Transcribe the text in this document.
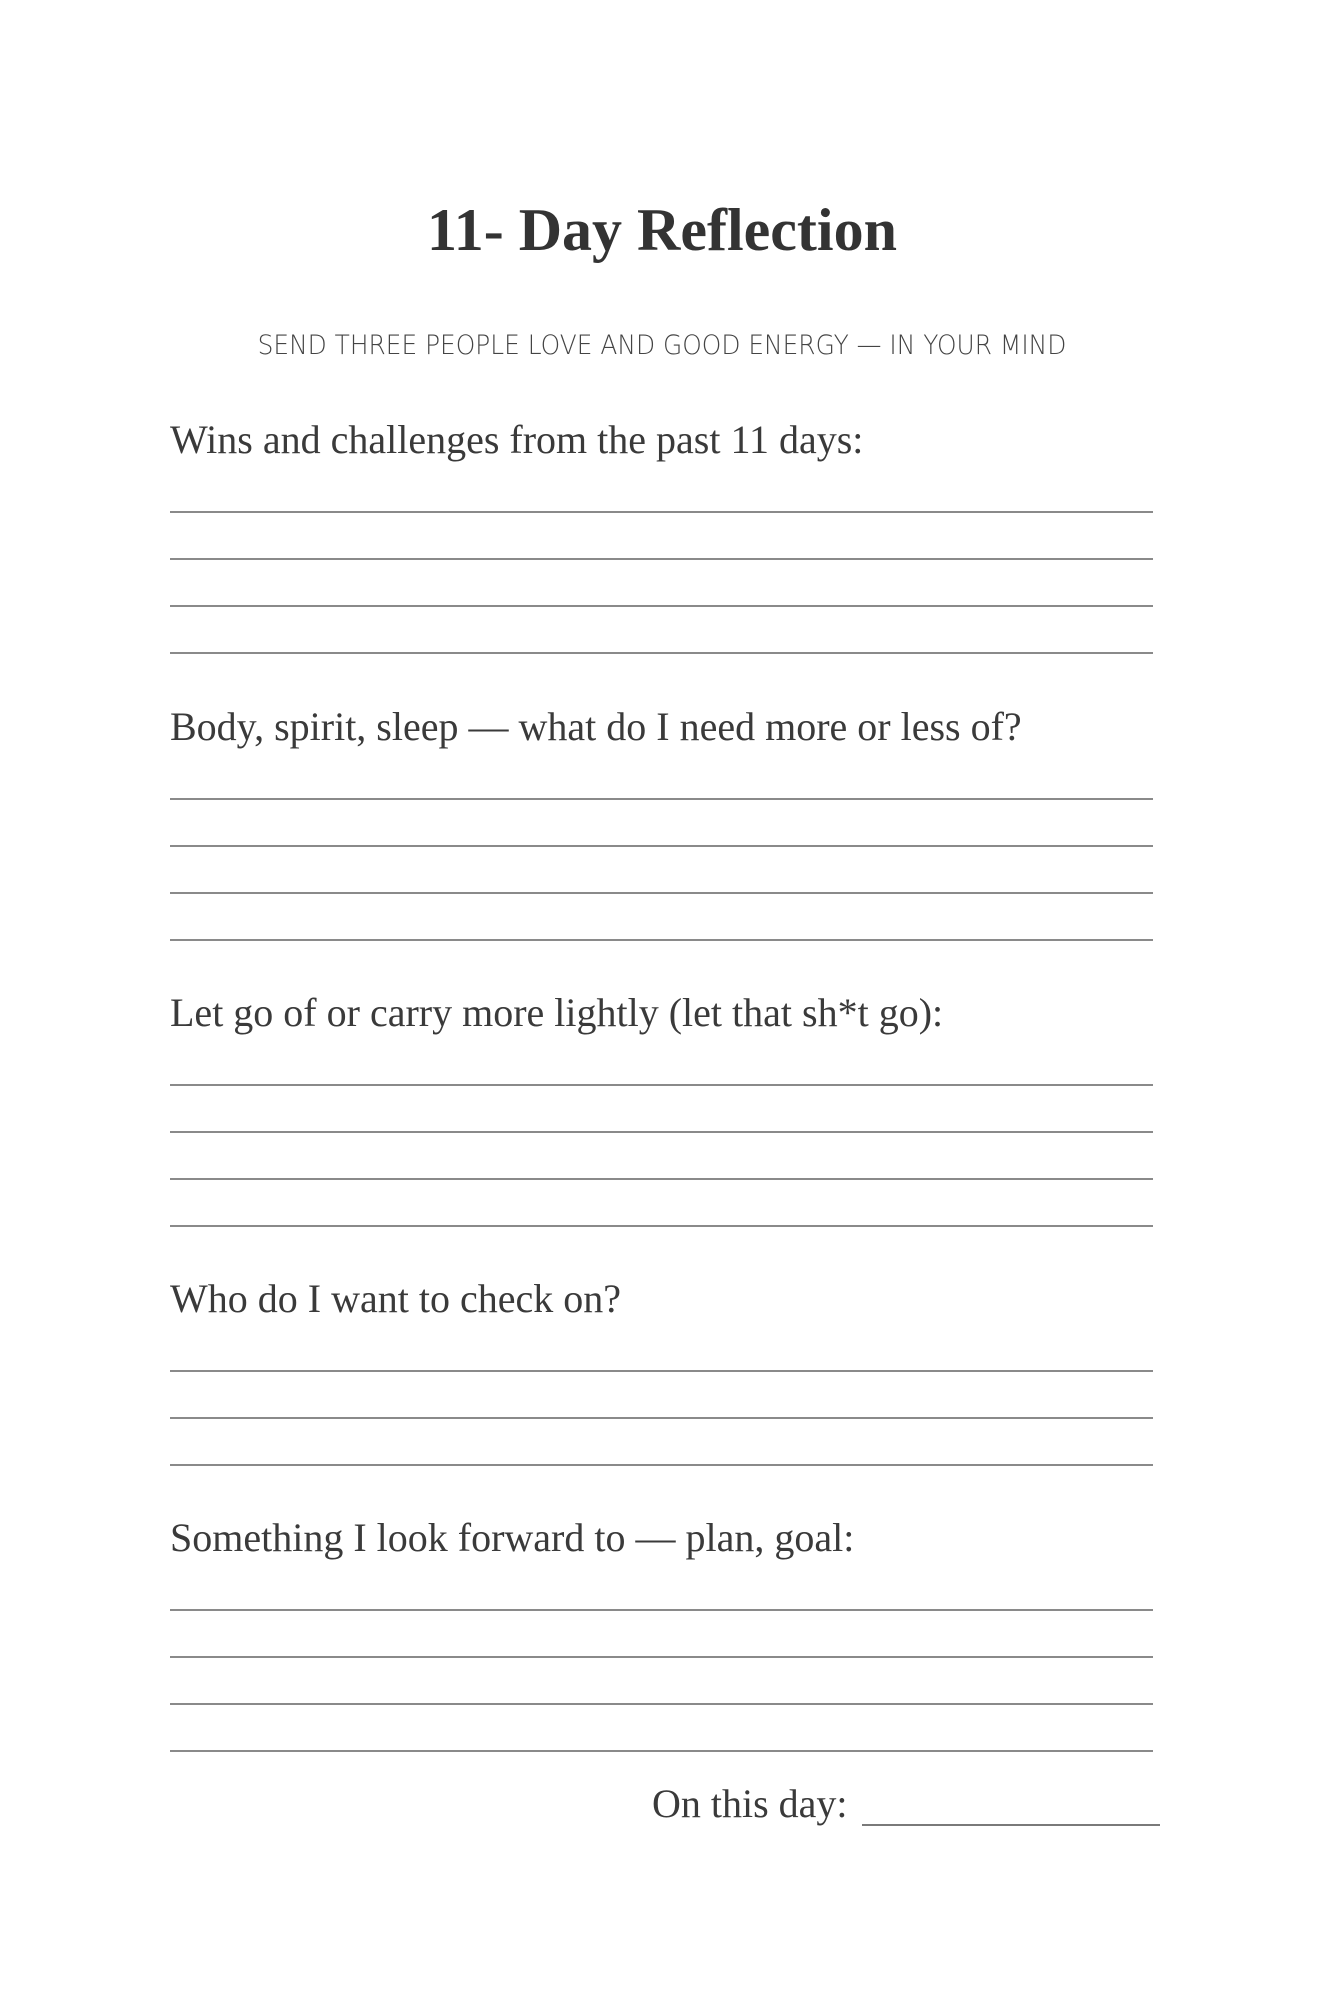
11- Day Reflection
SEND THREE PEOPLE LOVE AND GOOD ENERGY — IN YOUR MIND

Wins and challenges from the past 11 days:

Body, spirit, sleep — what do I need more or less of?

Let go of or carry more lightly (let that sh*t go):

Who do I want to check on?

Something I look forward to — plan, goal:

On this day:
